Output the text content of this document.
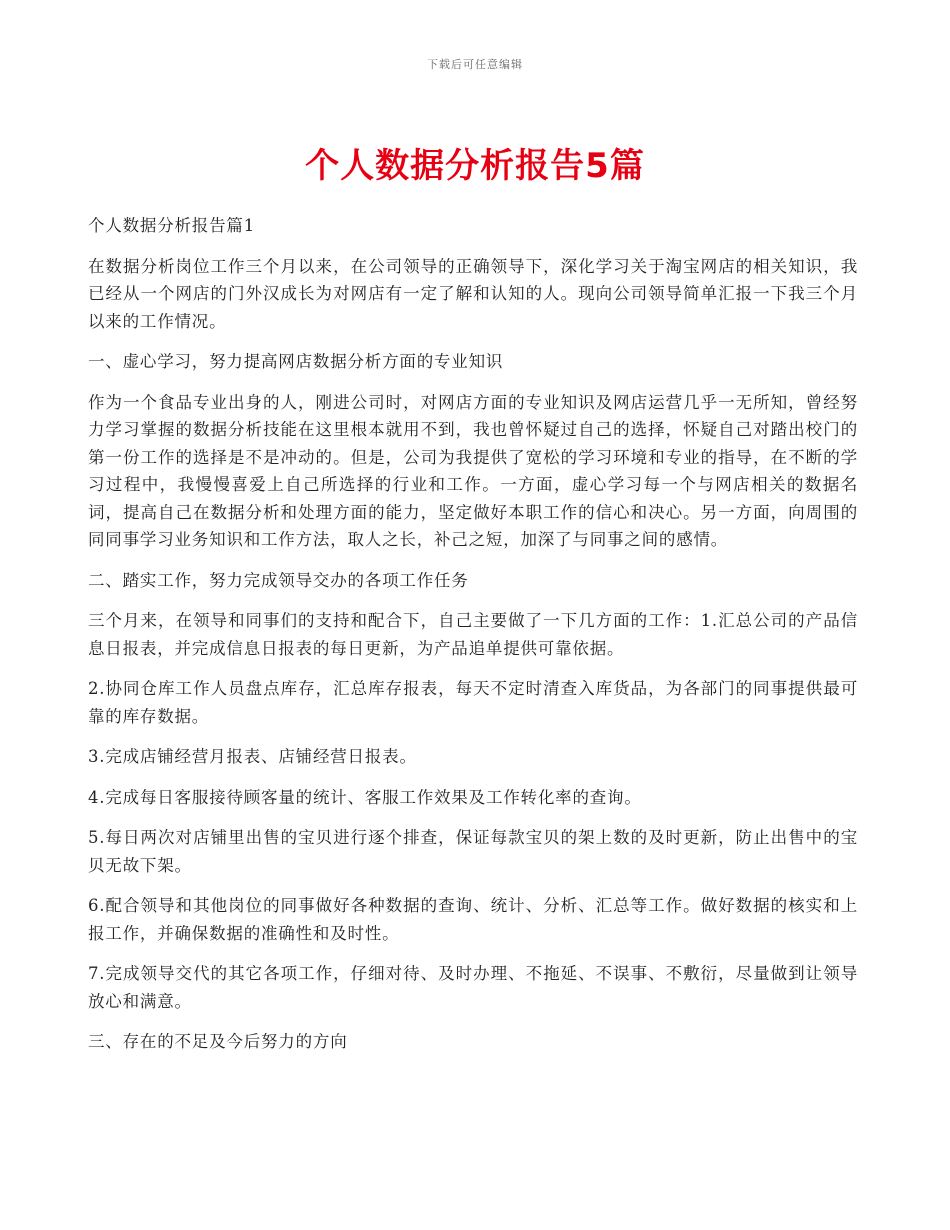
下载后可任意编辑
个人数据分析报告5篇

个人数据分析报告篇1

在数据分析岗位工作三个月以来，在公司领导的正确领导下，深化学习关于淘宝网店的相关知识，我已经从一个网店的门外汉成长为对网店有一定了解和认知的人。现向公司领导简单汇报一下我三个月以来的工作情况。

一、虚心学习，努力提高网店数据分析方面的专业知识

作为一个食品专业出身的人，刚进公司时，对网店方面的专业知识及网店运营几乎一无所知，曾经努力学习掌握的数据分析技能在这里根本就用不到，我也曾怀疑过自己的选择，怀疑自己对踏出校门的第一份工作的选择是不是冲动的。但是，公司为我提供了宽松的学习环境和专业的指导，在不断的学习过程中，我慢慢喜爱上自己所选择的行业和工作。一方面，虚心学习每一个与网店相关的数据名词，提高自己在数据分析和处理方面的能力，坚定做好本职工作的信心和决心。另一方面，向周围的同同事学习业务知识和工作方法，取人之长，补己之短，加深了与同事之间的感情。

二、踏实工作，努力完成领导交办的各项工作任务

三个月来，在领导和同事们的支持和配合下，自己主要做了一下几方面的工作：1.汇总公司的产品信息日报表，并完成信息日报表的每日更新，为产品追单提供可靠依据。

2.协同仓库工作人员盘点库存，汇总库存报表，每天不定时清查入库货品，为各部门的同事提供最可靠的库存数据。

3.完成店铺经营月报表、店铺经营日报表。

4.完成每日客服接待顾客量的统计、客服工作效果及工作转化率的查询。

5.每日两次对店铺里出售的宝贝进行逐个排查，保证每款宝贝的架上数的及时更新，防止出售中的宝贝无故下架。

6.配合领导和其他岗位的同事做好各种数据的查询、统计、分析、汇总等工作。做好数据的核实和上报工作，并确保数据的准确性和及时性。

7.完成领导交代的其它各项工作，仔细对待、及时办理、不拖延、不误事、不敷衍，尽量做到让领导放心和满意。

三、存在的不足及今后努力的方向
